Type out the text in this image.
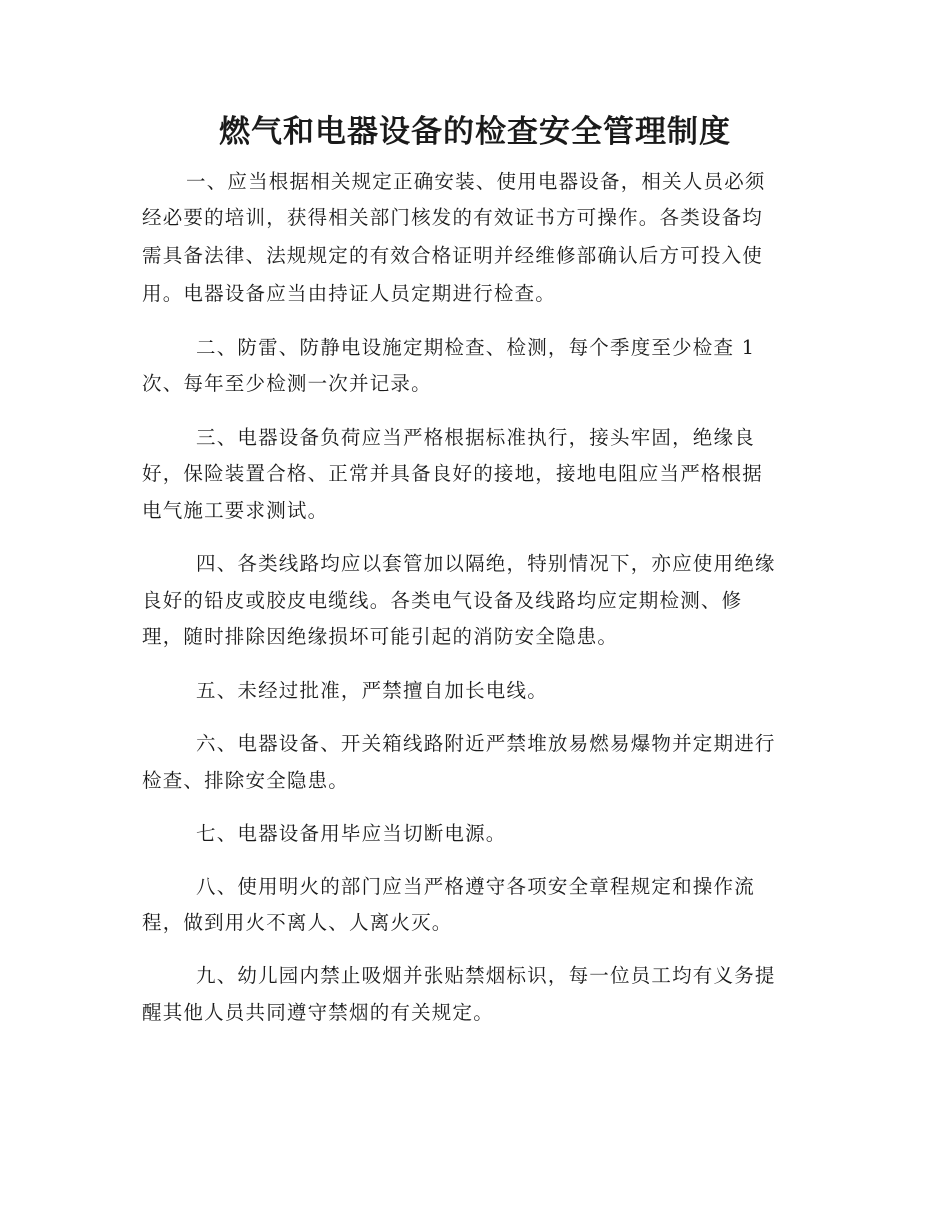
燃气和电器设备的检查安全管理制度
一、应当根据相关规定正确安装、使用电器设备，相关人员必须
经必要的培训，获得相关部门核发的有效证书方可操作。各类设备均
需具备法律、法规规定的有效合格证明并经维修部确认后方可投入使
用。电器设备应当由持证人员定期进行检查。
二、防雷、防静电设施定期检查、检测，每个季度至少检查 1
次、每年至少检测一次并记录。
三、电器设备负荷应当严格根据标准执行，接头牢固，绝缘良
好，保险装置合格、正常并具备良好的接地，接地电阻应当严格根据
电气施工要求测试。
四、各类线路均应以套管加以隔绝，特别情况下，亦应使用绝缘
良好的铅皮或胶皮电缆线。各类电气设备及线路均应定期检测、修
理，随时排除因绝缘损坏可能引起的消防安全隐患。
五、未经过批准，严禁擅自加长电线。
六、电器设备、开关箱线路附近严禁堆放易燃易爆物并定期进行
检查、排除安全隐患。
七、电器设备用毕应当切断电源。
八、使用明火的部门应当严格遵守各项安全章程规定和操作流
程，做到用火不离人、人离火灭。
九、幼儿园内禁止吸烟并张贴禁烟标识，每一位员工均有义务提
醒其他人员共同遵守禁烟的有关规定。
